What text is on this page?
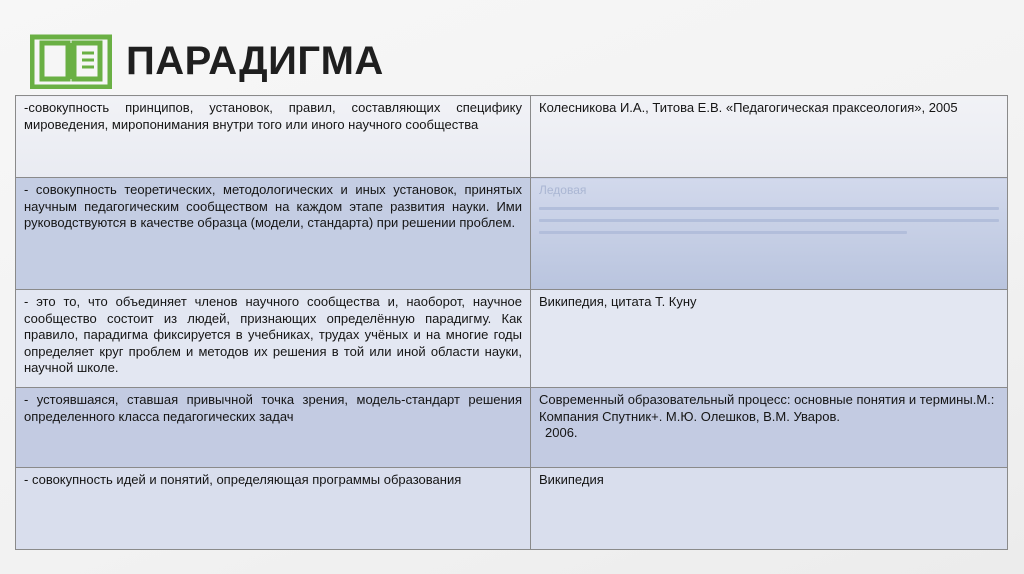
ПАРАДИГМА
-совокупность принципов, установок, правил, составляющих специфику мироведения, миропонимания внутри того или иного научного сообщества	Колесникова И.А., Титова Е.В. «Педагогическая праксеология», 2005
- совокупность теоретических, методологических и иных установок, принятых научным педагогическим сообществом на каждом этапе развития науки. Ими руководствуются в качестве образца (модели, стандарта) при решении проблем.	Ледовая

- это то, что объединяет членов научного сообщества и, наоборот, научное сообщество состоит из людей, признающих определённую парадигму. Как правило, парадигма фиксируется в учебниках, трудах учёных и на многие годы определяет круг проблем и методов их решения в той или иной области науки, научной школе.	Википедия, цитата Т. Куну
- устоявшаяся, ставшая привычной точка зрения, модель-стандарт решения определенного класса педагогических задач	Современный образовательный процесс: основные понятия и термины.М.: Компания Спутник+. М.Ю. Олешков, В.М. Уваров.
2006.
- совокупность идей и понятий, определяющая программы образования	Википедия
